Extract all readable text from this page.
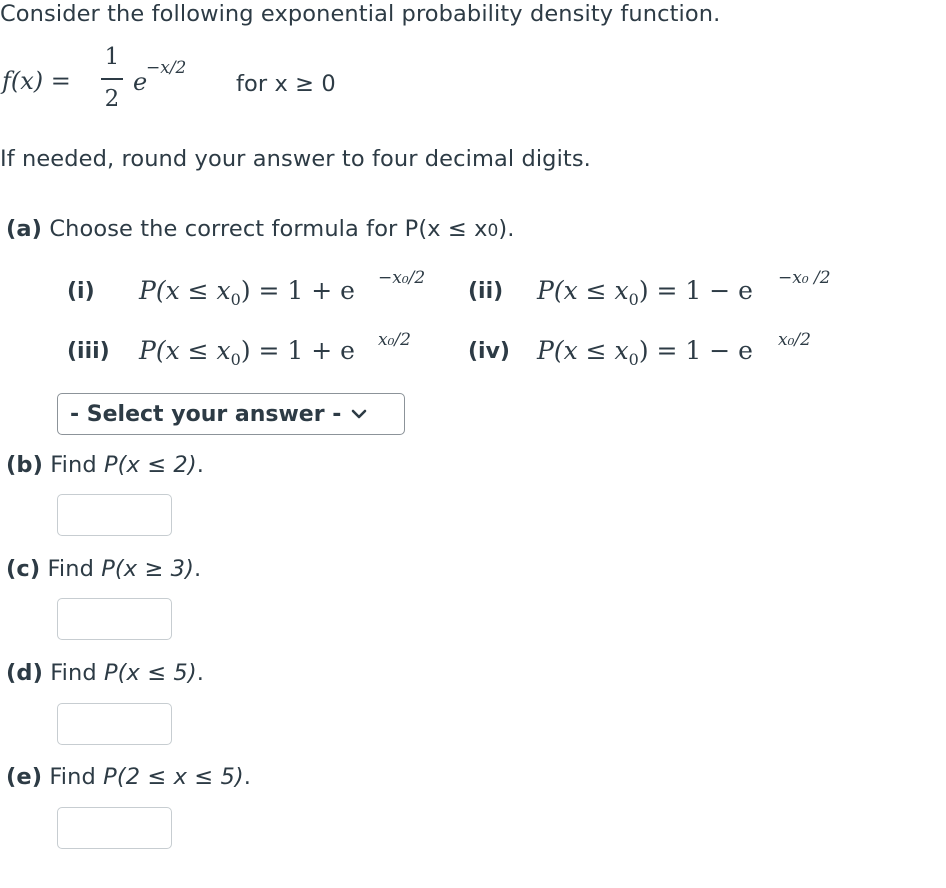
Consider the following exponential probability density function.
f(x) =
1
2
e
−x/2
for x ≥ 0
If needed, round your answer to four decimal digits.
(a) Choose the correct formula for P(x ≤ x0).
(i) $P(x \le x_0) = 1 + e -x_0/2$
(ii) $P(x \le x_0) = 1 - e -x_0$ /2
(iii) $P(x \le x_0) = 1 + e$ x₀/2	(iv) $P(x \le x_0) = 1 - e$ x₀/2
- Select your answer -
(b) Find P(x ≤ 2).
(c) Find P(x ≥ 3).
(d) Find P(x ≤ 5).
(e) Find P(2 ≤ x ≤ 5).
